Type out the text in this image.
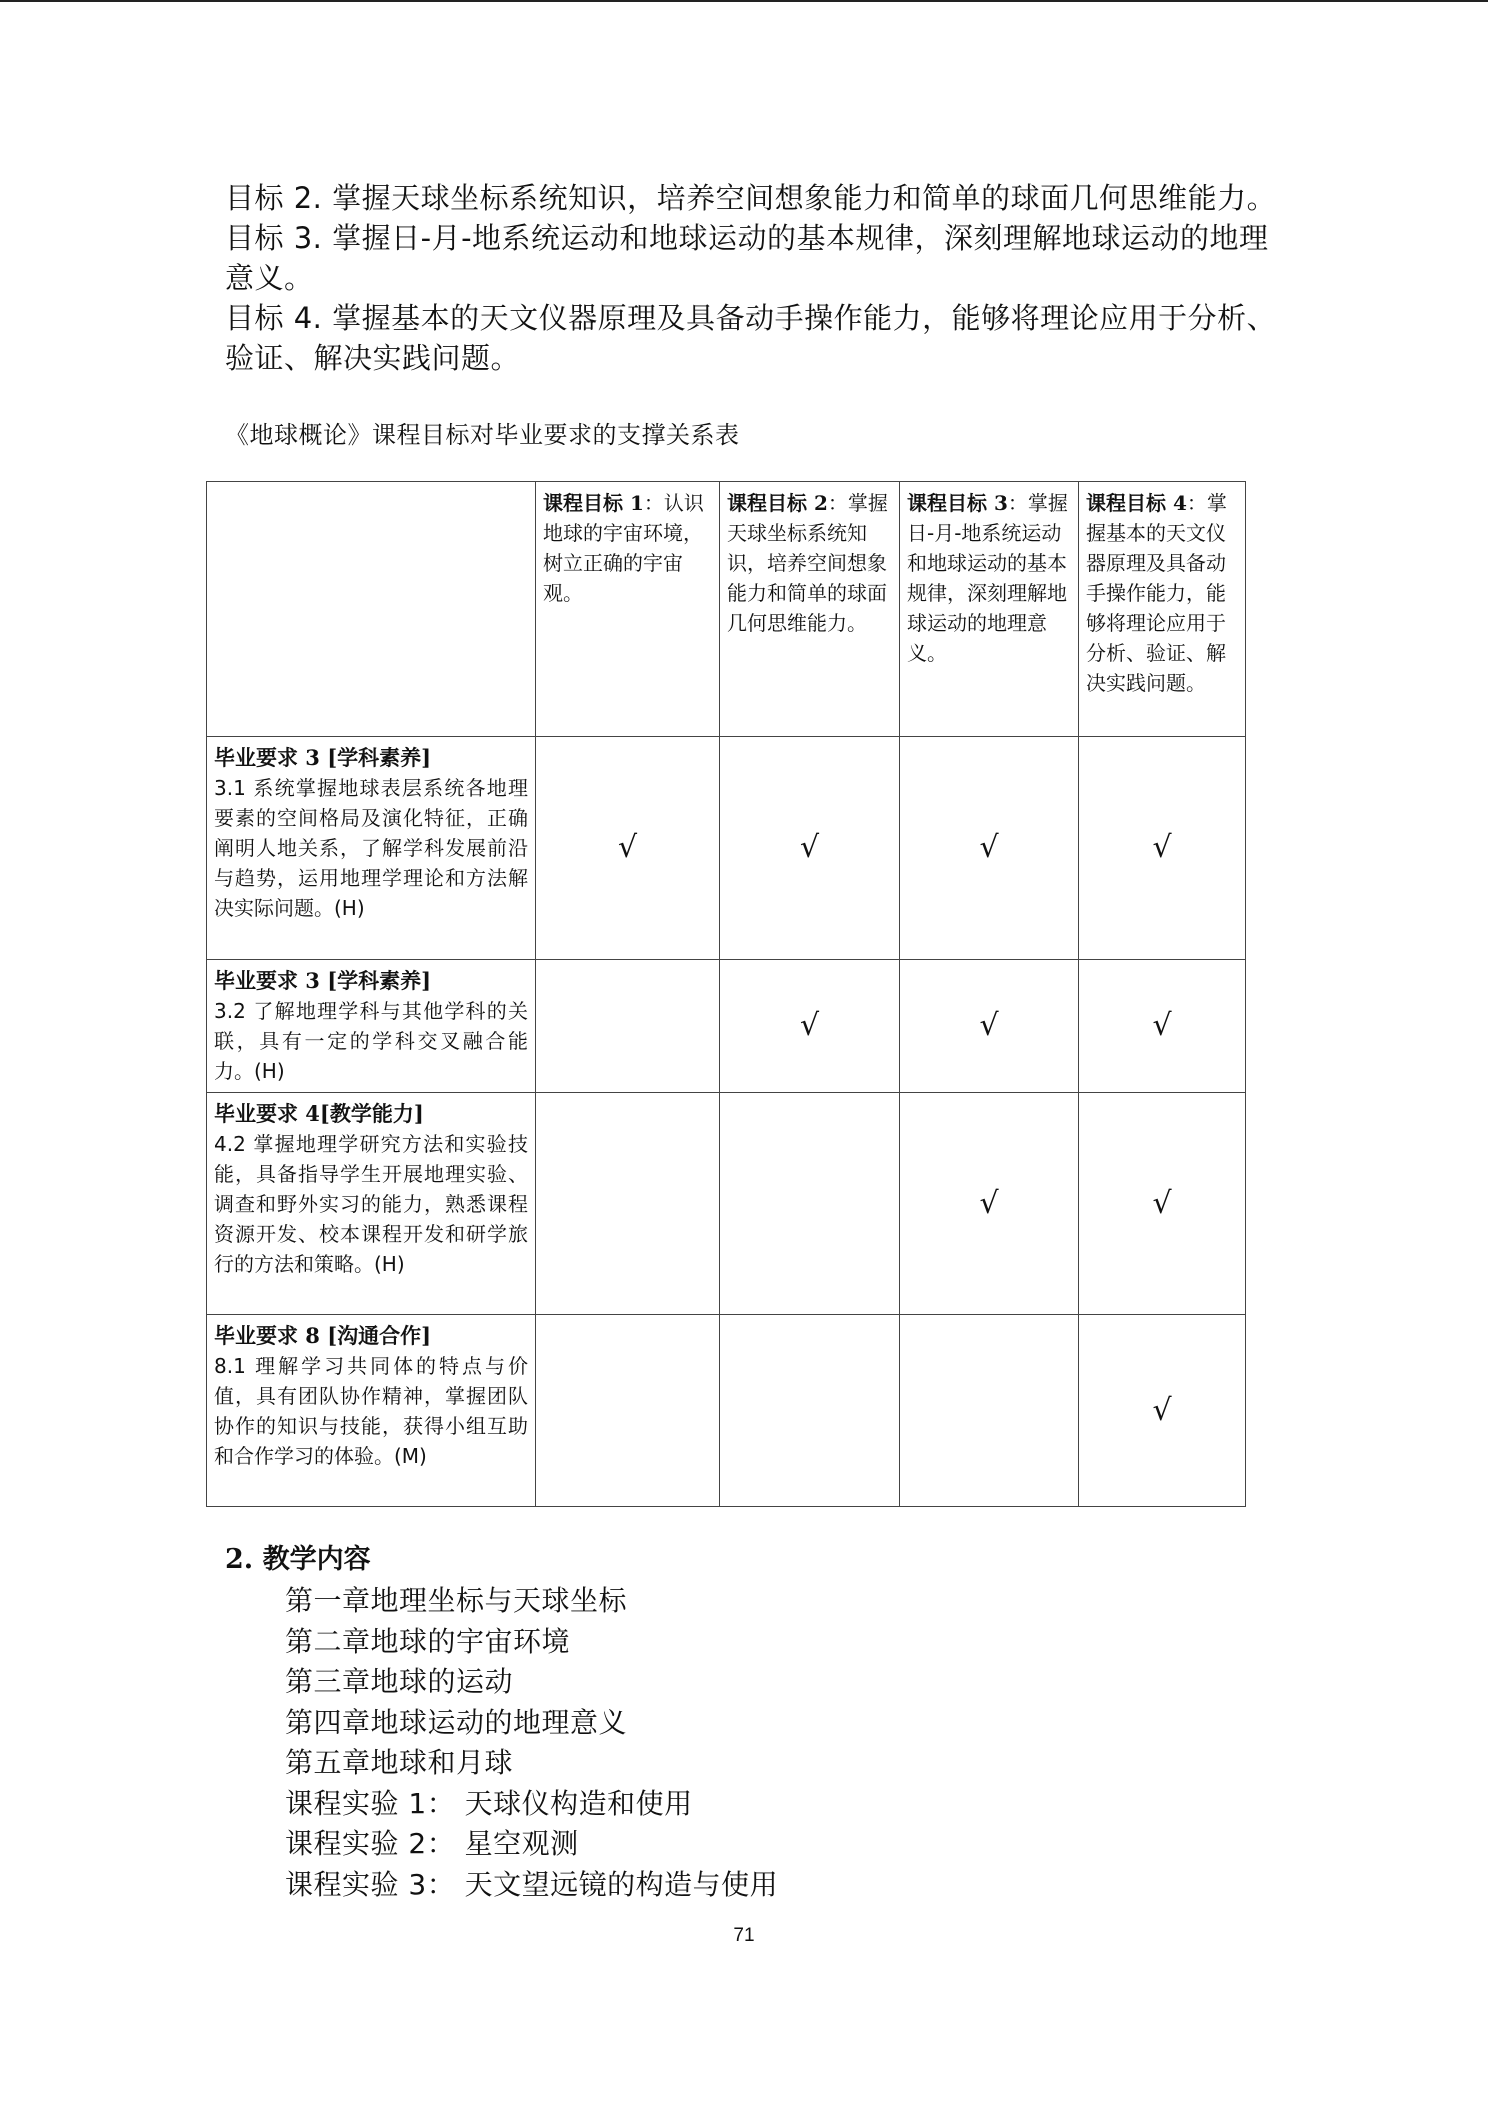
目标 2. 掌握天球坐标系统知识，培养空间想象能力和简单的球面几何思维能力。

目标 3. 掌握日-月-地系统运动和地球运动的基本规律，深刻理解地球运动的地理意义。

目标 4. 掌握基本的天文仪器原理及具备动手操作能力，能够将理论应用于分析、验证、解决实践问题。

《地球概论》课程目标对毕业要求的支撑关系表
	课程目标 1：认识地球的宇宙环境，树立正确的宇宙观。	课程目标 2：掌握天球坐标系统知识，培养空间想象能力和简单的球面几何思维能力。	课程目标 3：掌握日-月-地系统运动和地球运动的基本规律，深刻理解地球运动的地理意义。	课程目标 4：掌握基本的天文仪器原理及具备动手操作能力，能够将理论应用于分析、验证、解决实践问题。

毕业要求 3 [学科素养]
3.1 系统掌握地球表层系统各地理要素的空间格局及演化特征，正确阐明人地关系，了解学科发展前沿与趋势，运用地理学理论和方法解决实际问题。(H)	√	√	√	√

毕业要求 3 [学科素养]
3.2 了解地理学科与其他学科的关联，具有一定的学科交叉融合能力。(H)		√	√	√

毕业要求 4[教学能力]
4.2 掌握地理学研究方法和实验技能，具备指导学生开展地理实验、调查和野外实习的能力，熟悉课程资源开发、校本课程开发和研学旅行的方法和策略。(H)			√	√

毕业要求 8 [沟通合作]
8.1 理解学习共同体的特点与价值，具有团队协作精神，掌握团队协作的知识与技能，获得小组互助和合作学习的体验。(M)				√
2. 教学内容
第一章地理坐标与天球坐标
第二章地球的宇宙环境
第三章地球的运动
第四章地球运动的地理意义
第五章地球和月球
课程实验 1： 天球仪构造和使用
课程实验 2： 星空观测
课程实验 3： 天文望远镜的构造与使用
71
